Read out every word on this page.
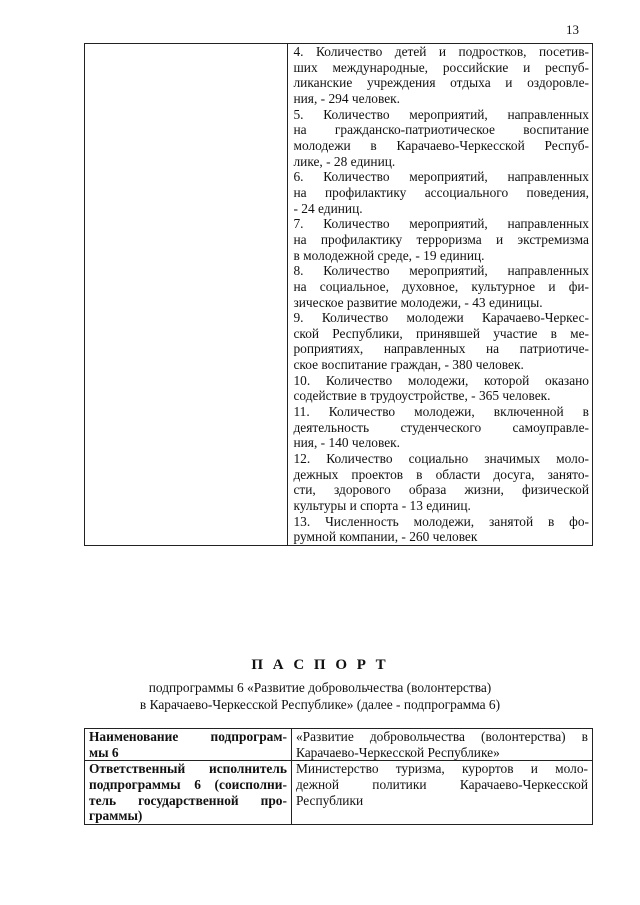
13

4. Количество детей и подростков, посетив-
ших международные, российские и респуб-
ликанские учреждения отдыха и оздоровле-
ния, - 294 человек.
5. Количество мероприятий, направленных
на гражданско-патриотическое воспитание
молодежи в Карачаево-Черкесской Респуб-
лике, - 28 единиц.
6. Количество мероприятий, направленных
на профилактику ассоциального поведения,
- 24 единиц.
7. Количество мероприятий, направленных
на профилактику терроризма и экстремизма
в молодежной среде, - 19 единиц.
8. Количество мероприятий, направленных
на социальное, духовное, культурное и фи-
зическое развитие молодежи, - 43 единицы.
9. Количество молодежи Карачаево-Черкес-
ской Республики, принявшей участие в ме-
роприятиях, направленных на патриотиче-
ское воспитание граждан, - 380 человек.
10. Количество молодежи, которой оказано
содействие в трудоустройстве, - 365 человек.
11. Количество молодежи, включенной в
деятельность студенческого самоуправле-
ния, - 140 человек.
12. Количество социально значимых моло-
дежных проектов в области досуга, занято-
сти, здорового образа жизни, физической
культуры и спорта - 13 единиц.
13. Численность молодежи, занятой в фо-
румной компании, - 260 человек
П А С П О Р Т
подпрограммы 6 «Развитие добровольчества (волонтерства)
в Карачаево-Черкесской Республике» (далее - подпрограмма 6)
Наименование подпрограм-
мы 6	«Развитие добровольчества (волонтерства) в
Карачаево-Черкесской Республике»

Ответственный исполнитель
подпрограммы 6 (соисполни-
тель государственной про-
граммы)	Министерство туризма, курортов и моло-
дежной политики Карачаево-Черкесской
Республики
